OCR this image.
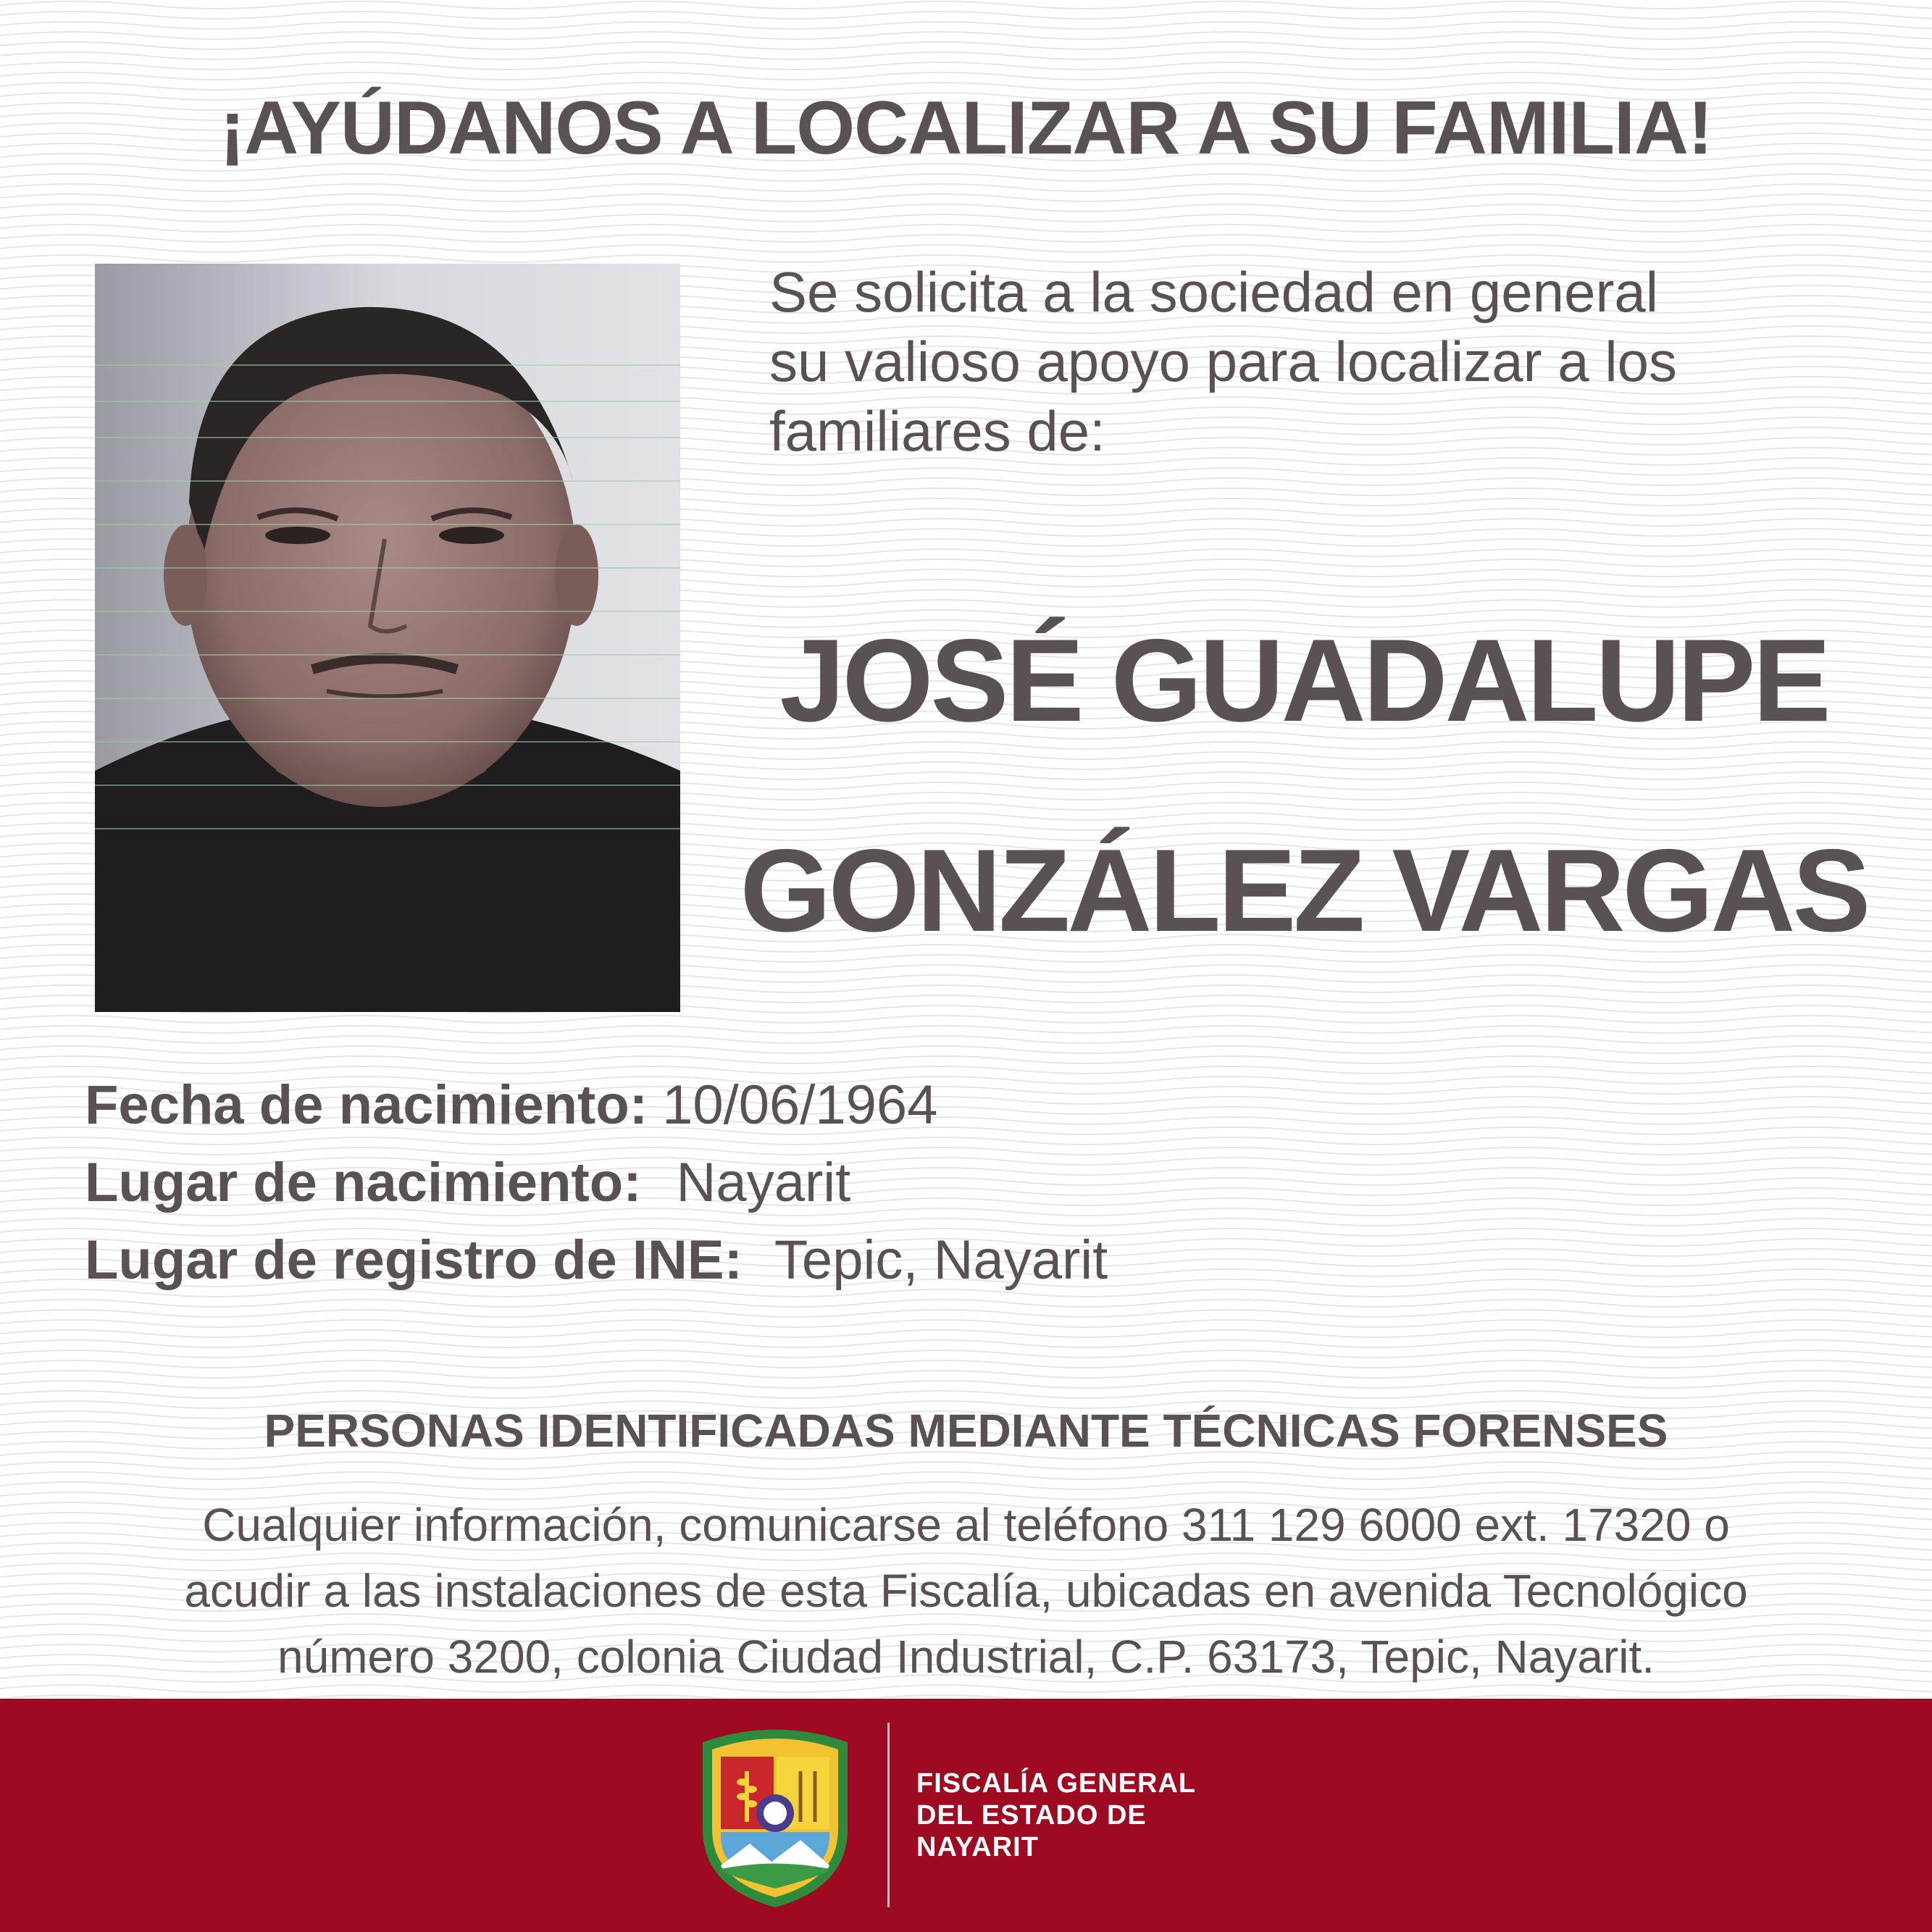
¡AYÚDANOS A LOCALIZAR A SU FAMILIA!
Se solicita a la sociedad en general
su valioso apoyo para localizar a los
familiares de:
JOSÉ GUADALUPE
GONZÁLEZ VARGAS
Fecha de nacimiento: 10/06/1964
Lugar de nacimiento: Nayarit
Lugar de registro de INE: Tepic, Nayarit
PERSONAS IDENTIFICADAS MEDIANTE TÉCNICAS FORENSES
Cualquier información, comunicarse al teléfono 311 129 6000 ext. 17320 o
acudir a las instalaciones de esta Fiscalía, ubicadas en avenida Tecnológico
número 3200, colonia Ciudad Industrial, C.P. 63173, Tepic, Nayarit.
FISCALÍA GENERAL
DEL ESTADO DE
NAYARIT
